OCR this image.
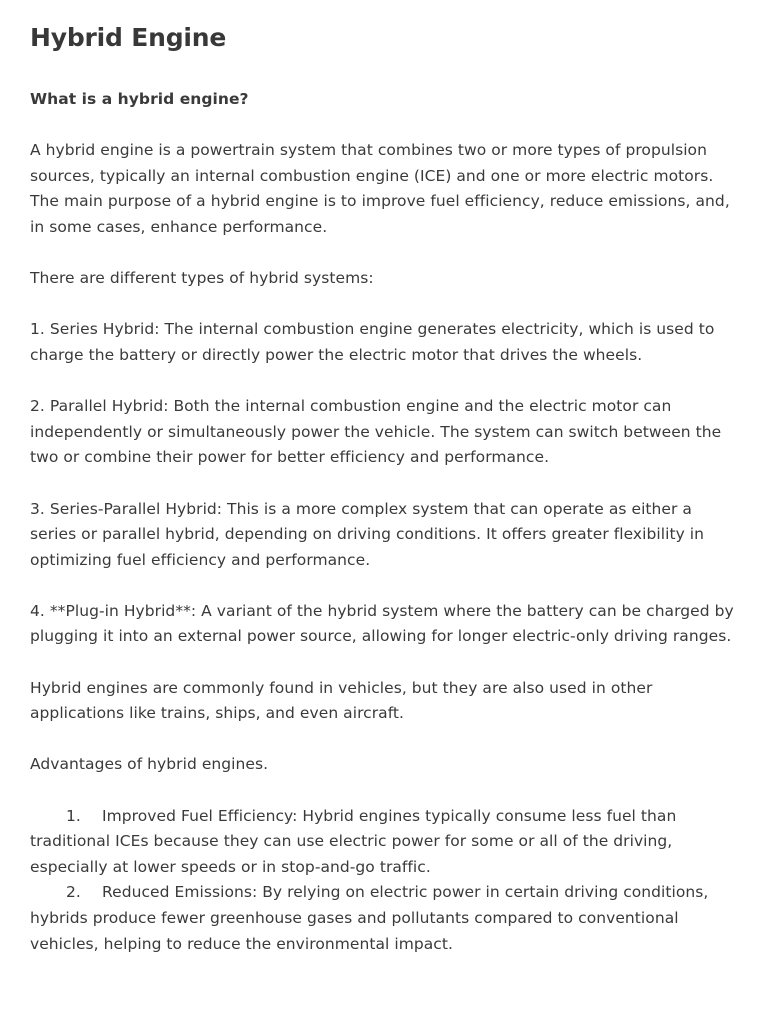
Hybrid Engine

What is a hybrid engine?

A hybrid engine is a powertrain system that combines two or more types of propulsion sources, typically an internal combustion engine (ICE) and one or more electric motors. The main purpose of a hybrid engine is to improve fuel efficiency, reduce emissions, and, in some cases, enhance performance.

There are different types of hybrid systems:

1. Series Hybrid: The internal combustion engine generates electricity, which is used to charge the battery or directly power the electric motor that drives the wheels.

2. Parallel Hybrid: Both the internal combustion engine and the electric motor can independently or simultaneously power the vehicle. The system can switch between the two or combine their power for better efficiency and performance.

3. Series-Parallel Hybrid: This is a more complex system that can operate as either a series or parallel hybrid, depending on driving conditions. It offers greater flexibility in optimizing fuel efficiency and performance.

4. **Plug-in Hybrid**: A variant of the hybrid system where the battery can be charged by plugging it into an external power source, allowing for longer electric-only driving ranges.

Hybrid engines are commonly found in vehicles, but they are also used in other applications like trains, ships, and even aircraft.

Advantages of hybrid engines.

1. Improved Fuel Efficiency: Hybrid engines typically consume less fuel than traditional ICEs because they can use electric power for some or all of the driving, especially at lower speeds or in stop-and-go traffic.
2. Reduced Emissions: By relying on electric power in certain driving conditions, hybrids produce fewer greenhouse gases and pollutants compared to conventional vehicles, helping to reduce the environmental impact.
